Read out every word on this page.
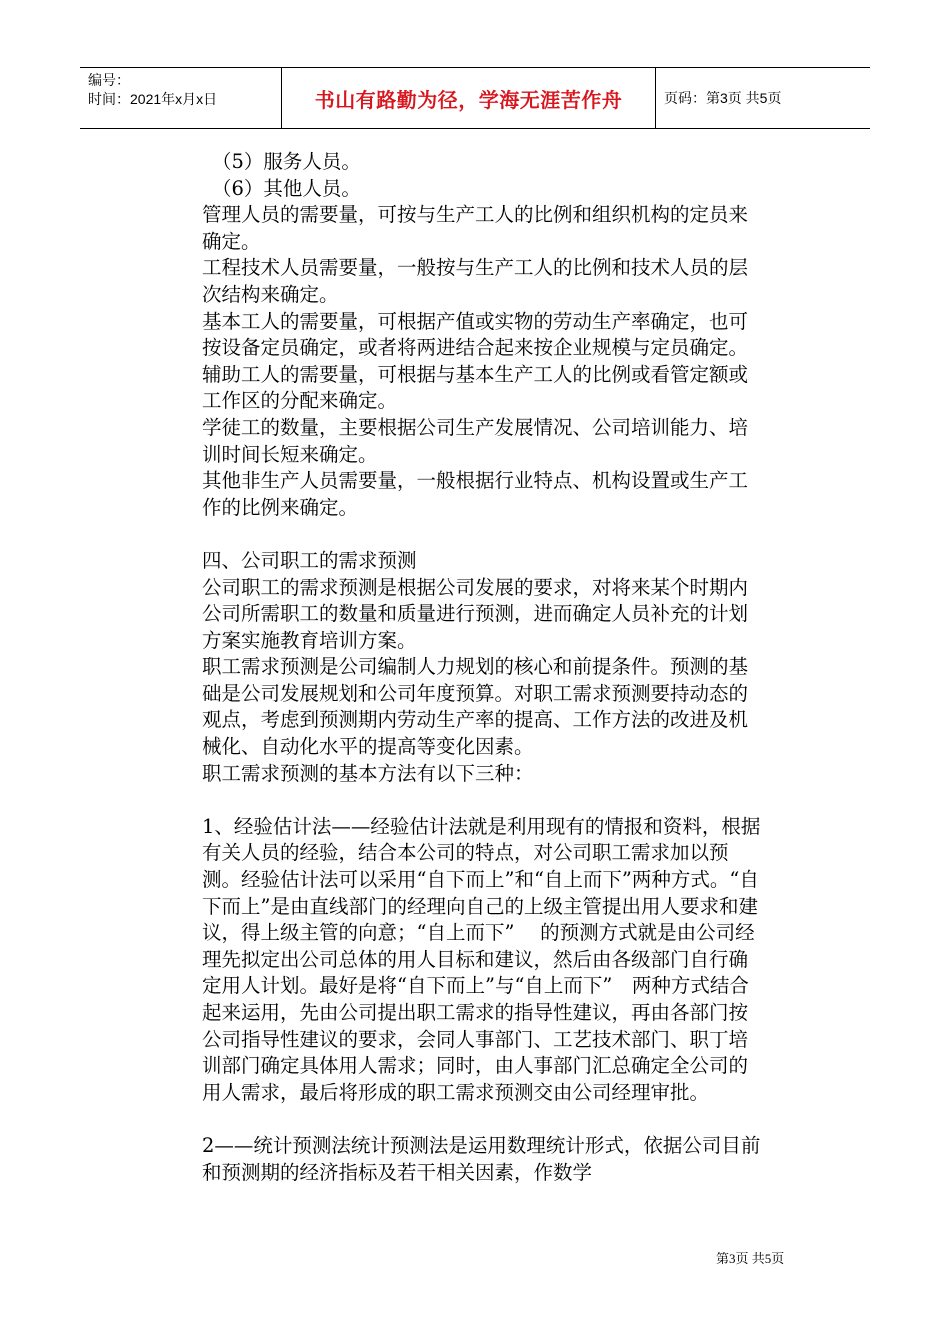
编号：
时间：2021年x月x日	书山有路勤为径，学海无涯苦作舟	页码：第3页 共5页

（5）服务人员。

（6）其他人员。

管理人员的需要量，可按与生产工人的比例和组织机构的定员来确定。

工程技术人员需要量，一般按与生产工人的比例和技术人员的层次结构来确定。

基本工人的需要量，可根据产值或实物的劳动生产率确定，也可按设备定员确定，或者将两进结合起来按企业规模与定员确定。

辅助工人的需要量，可根据与基本生产工人的比例或看管定额或工作区的分配来确定。

学徒工的数量，主要根据公司生产发展情况、公司培训能力、培训时间长短来确定。

其他非生产人员需要量，一般根据行业特点、机构设置或生产工作的比例来确定。

四、公司职工的需求预测

公司职工的需求预测是根据公司发展的要求，对将来某个时期内公司所需职工的数量和质量进行预测，进而确定人员补充的计划方案实施教育培训方案。

职工需求预测是公司编制人力规划的核心和前提条件。预测的基础是公司发展规划和公司年度预算。对职工需求预测要持动态的观点，考虑到预测期内劳动生产率的提高、工作方法的改进及机械化、自动化水平的提高等变化因素。

职工需求预测的基本方法有以下三种：

1、经验估计法——经验估计法就是利用现有的情报和资料，根据有关人员的经验，结合本公司的特点，对公司职工需求加以预测。经验估计法可以采用“自下而上”和“自上而下”两种方式。“自下而上”是由直线部门的经理向自己的上级主管提出用人要求和建议，得上级主管的向意；“自上而下”　 的预测方式就是由公司经理先拟定出公司总体的用人目标和建议，然后由各级部门自行确定用人计划。最好是将“自下而上”与“自上而下”　两种方式结合起来运用，先由公司提出职工需求的指导性建议，再由各部门按公司指导性建议的要求，会同人事部门、工艺技术部门、职丁培训部门确定具体用人需求；同时，由人事部门汇总确定全公司的用人需求，最后将形成的职工需求预测交由公司经理审批。

2——统计预测法统计预测法是运用数理统计形式，依据公司目前和预测期的经济指标及若干相关因素，作数学

第3页 共5页
